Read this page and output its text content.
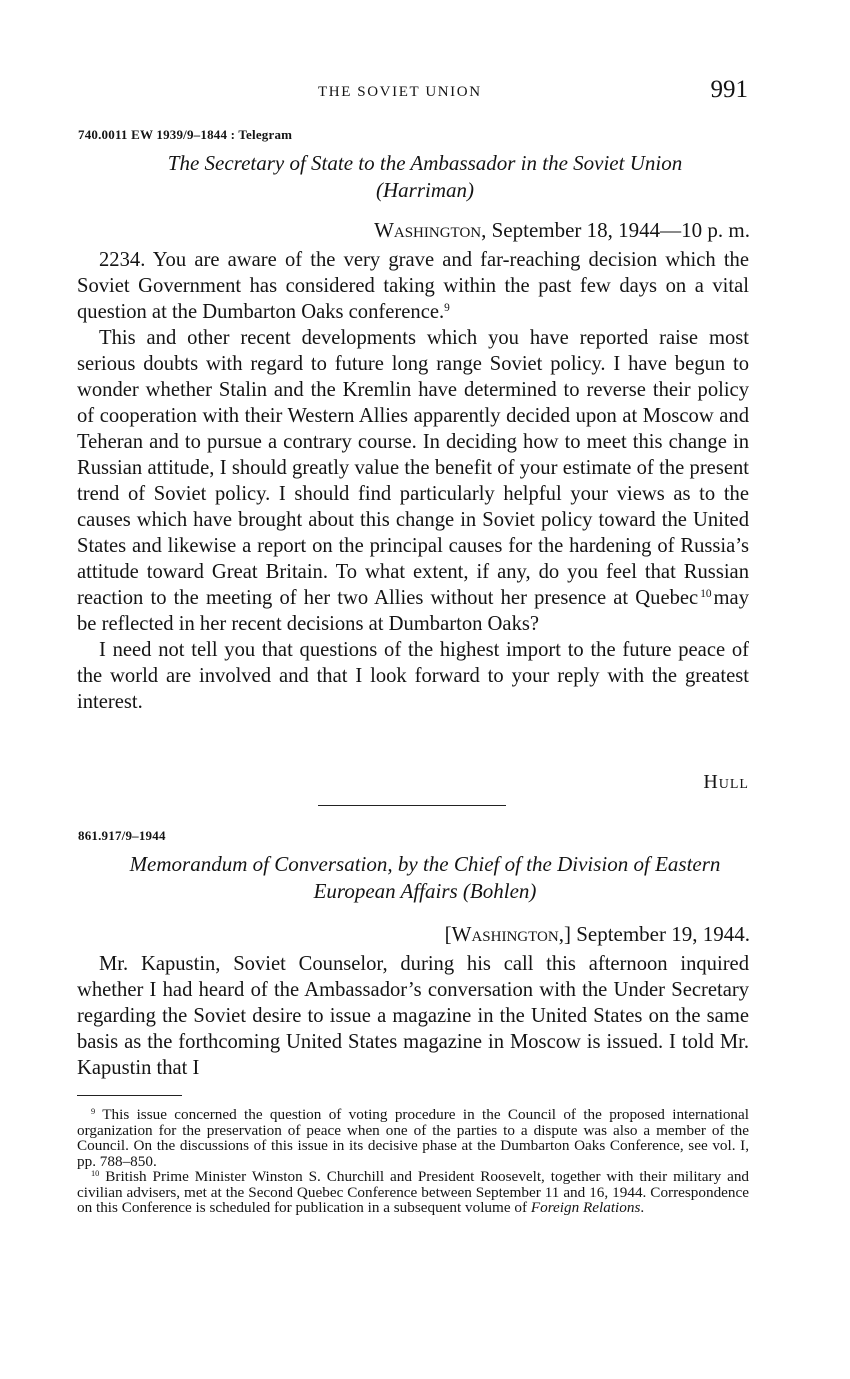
THE SOVIET UNION	991
740.0011 EW 1939/9–1844 : Telegram
The Secretary of State to the Ambassador in the Soviet Union
(Harriman)
Washington, September 18, 1944—10 p. m.

2234. You are aware of the very grave and far-reaching decision which the Soviet Government has considered taking within the past few days on a vital question at the Dumbarton Oaks conference.$^9$

This and other recent developments which you have reported raise most serious doubts with regard to future long range Soviet policy. I have begun to wonder whether Stalin and the Kremlin have determined to reverse their policy of cooperation with their Western Allies apparently decided upon at Moscow and Teheran and to pursue a contrary course. In deciding how to meet this change in Russian attitude, I should greatly value the benefit of your estimate of the present trend of Soviet policy. I should find particularly helpful your views as to the causes which have brought about this change in Soviet policy toward the United States and likewise a report on the principal causes for the hardening of Russia’s attitude toward Great Britain. To what extent, if any, do you feel that Russian reaction to the meeting of her two Allies without her presence at Quebec $^{10}$may be reflected in her recent decisions at Dumbarton Oaks?

I need not tell you that questions of the highest import to the future peace of the world are involved and that I look forward to your reply with the greatest interest.

Hull
861.917/9–1944
Memorandum of Conversation, by the Chief of the Division of Eastern
European Affairs (Bohlen)
[Washington,] September 19, 1944.

Mr. Kapustin, Soviet Counselor, during his call this afternoon inquired whether I had heard of the Ambassador’s conversation with the Under Secretary regarding the Soviet desire to issue a magazine in the United States on the same basis as the forthcoming United States magazine in Moscow is issued. I told Mr. Kapustin that I

$^9$ This issue concerned the question of voting procedure in the Council of the proposed international organization for the preservation of peace when one of the parties to a dispute was also a member of the Council. On the discussions of this issue in its decisive phase at the Dumbarton Oaks Conference, see vol. I, pp. 788–850.

$^{10}$ British Prime Minister Winston S. Churchill and President Roosevelt, together with their military and civilian advisers, met at the Second Quebec Conference between September 11 and 16, 1944. Correspondence on this Conference is scheduled for publication in a subsequent volume of Foreign Relations.
